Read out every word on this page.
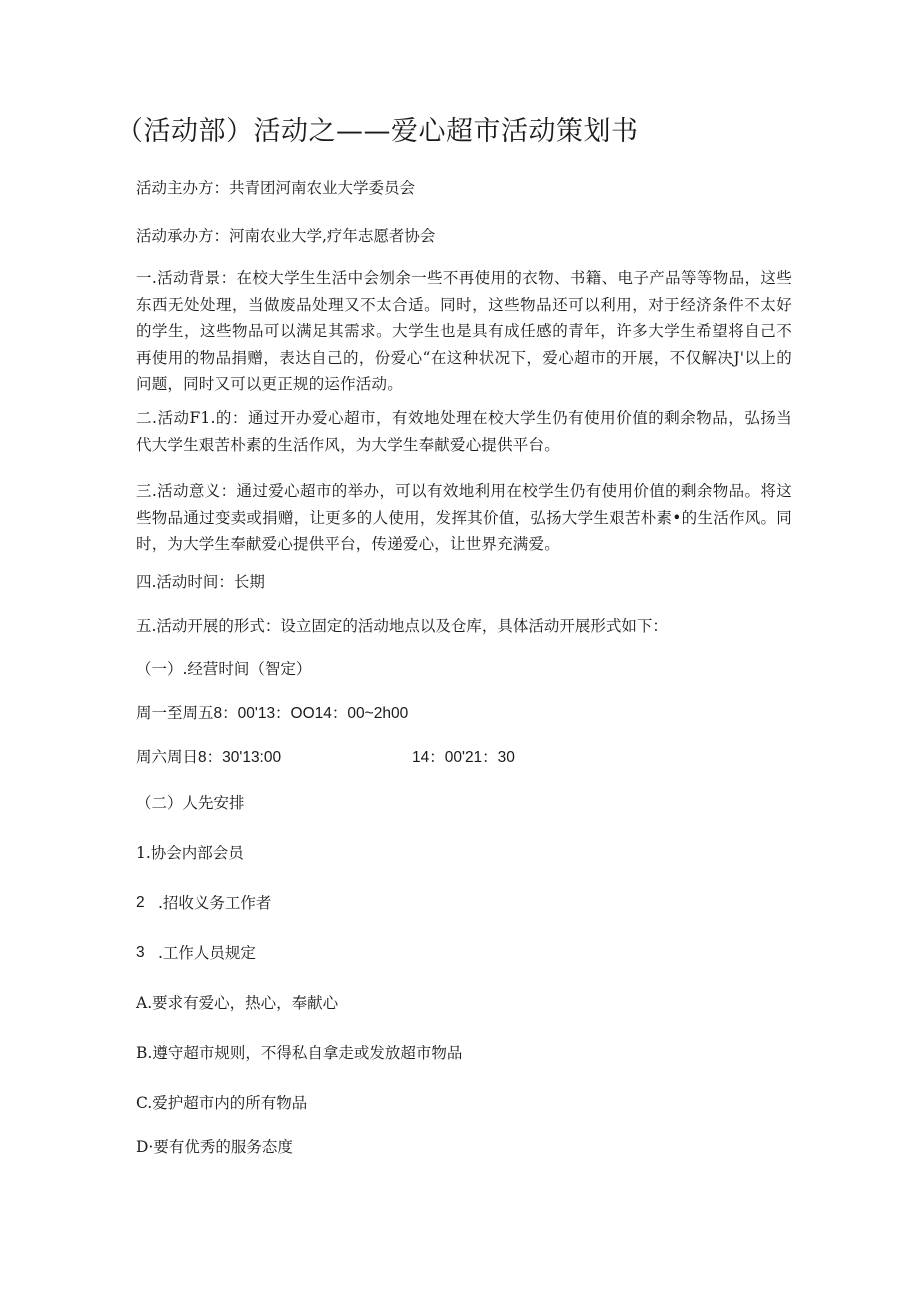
（活动部）活动之——爱心超市活动策划书
活动主办方：共青团河南农业大学委员会
活动承办方：河南农业大学,疗年志愿者协会
一.活动背景：在校大学生生活中会刎余一些不再使用的衣物、书籍、电子产品等等物品，这些东西无处处理，当做废品处理又不太合适。同时，这些物品还可以利用，对于经济条件不太好的学生，这些物品可以满足其需求。大学生也是具有成任感的青年，许多大学生希望将自己不再使用的物品捐赠，表达自己的，份爱心“在这种状况下，爱心超市的开展，不仅解决J'以上的问题，同时又可以更正规的运作活动。
二.活动F1.的：通过开办爱心超市，有效地处理在校大学生仍有使用价值的剩余物品，弘扬当代大学生艰苦朴素的生活作风，为大学生奉献爱心提供平台。
三.活动意义：通过爱心超市的举办，可以有效地利用在校学生仍有使用价值的剩余物品。将这些物品通过变卖或捐赠，让更多的人使用，发挥其价值，弘扬大学生艰苦朴素•的生活作风。同时，为大学生奉献爱心提供平台，传递爱心，让世界充满爱。
四.活动时间：长期
五.活动开展的形式：设立固定的活动地点以及仓库，具体活动开展形式如下：
（一）.经营时间（智定）
周一至周五8：00'13：OO14：00~2h00
周六周日8：30'13:00	14：00'21：30
（二）人先安排
1.协会内部会员
2 .招收义务工作者
3 .工作人员规定
A.要求有爱心，热心，奉献心
B.遵守超市规则，不得私自拿走或发放超市物品
C.爱护超市内的所有物品
D·要有优秀的服务态度
